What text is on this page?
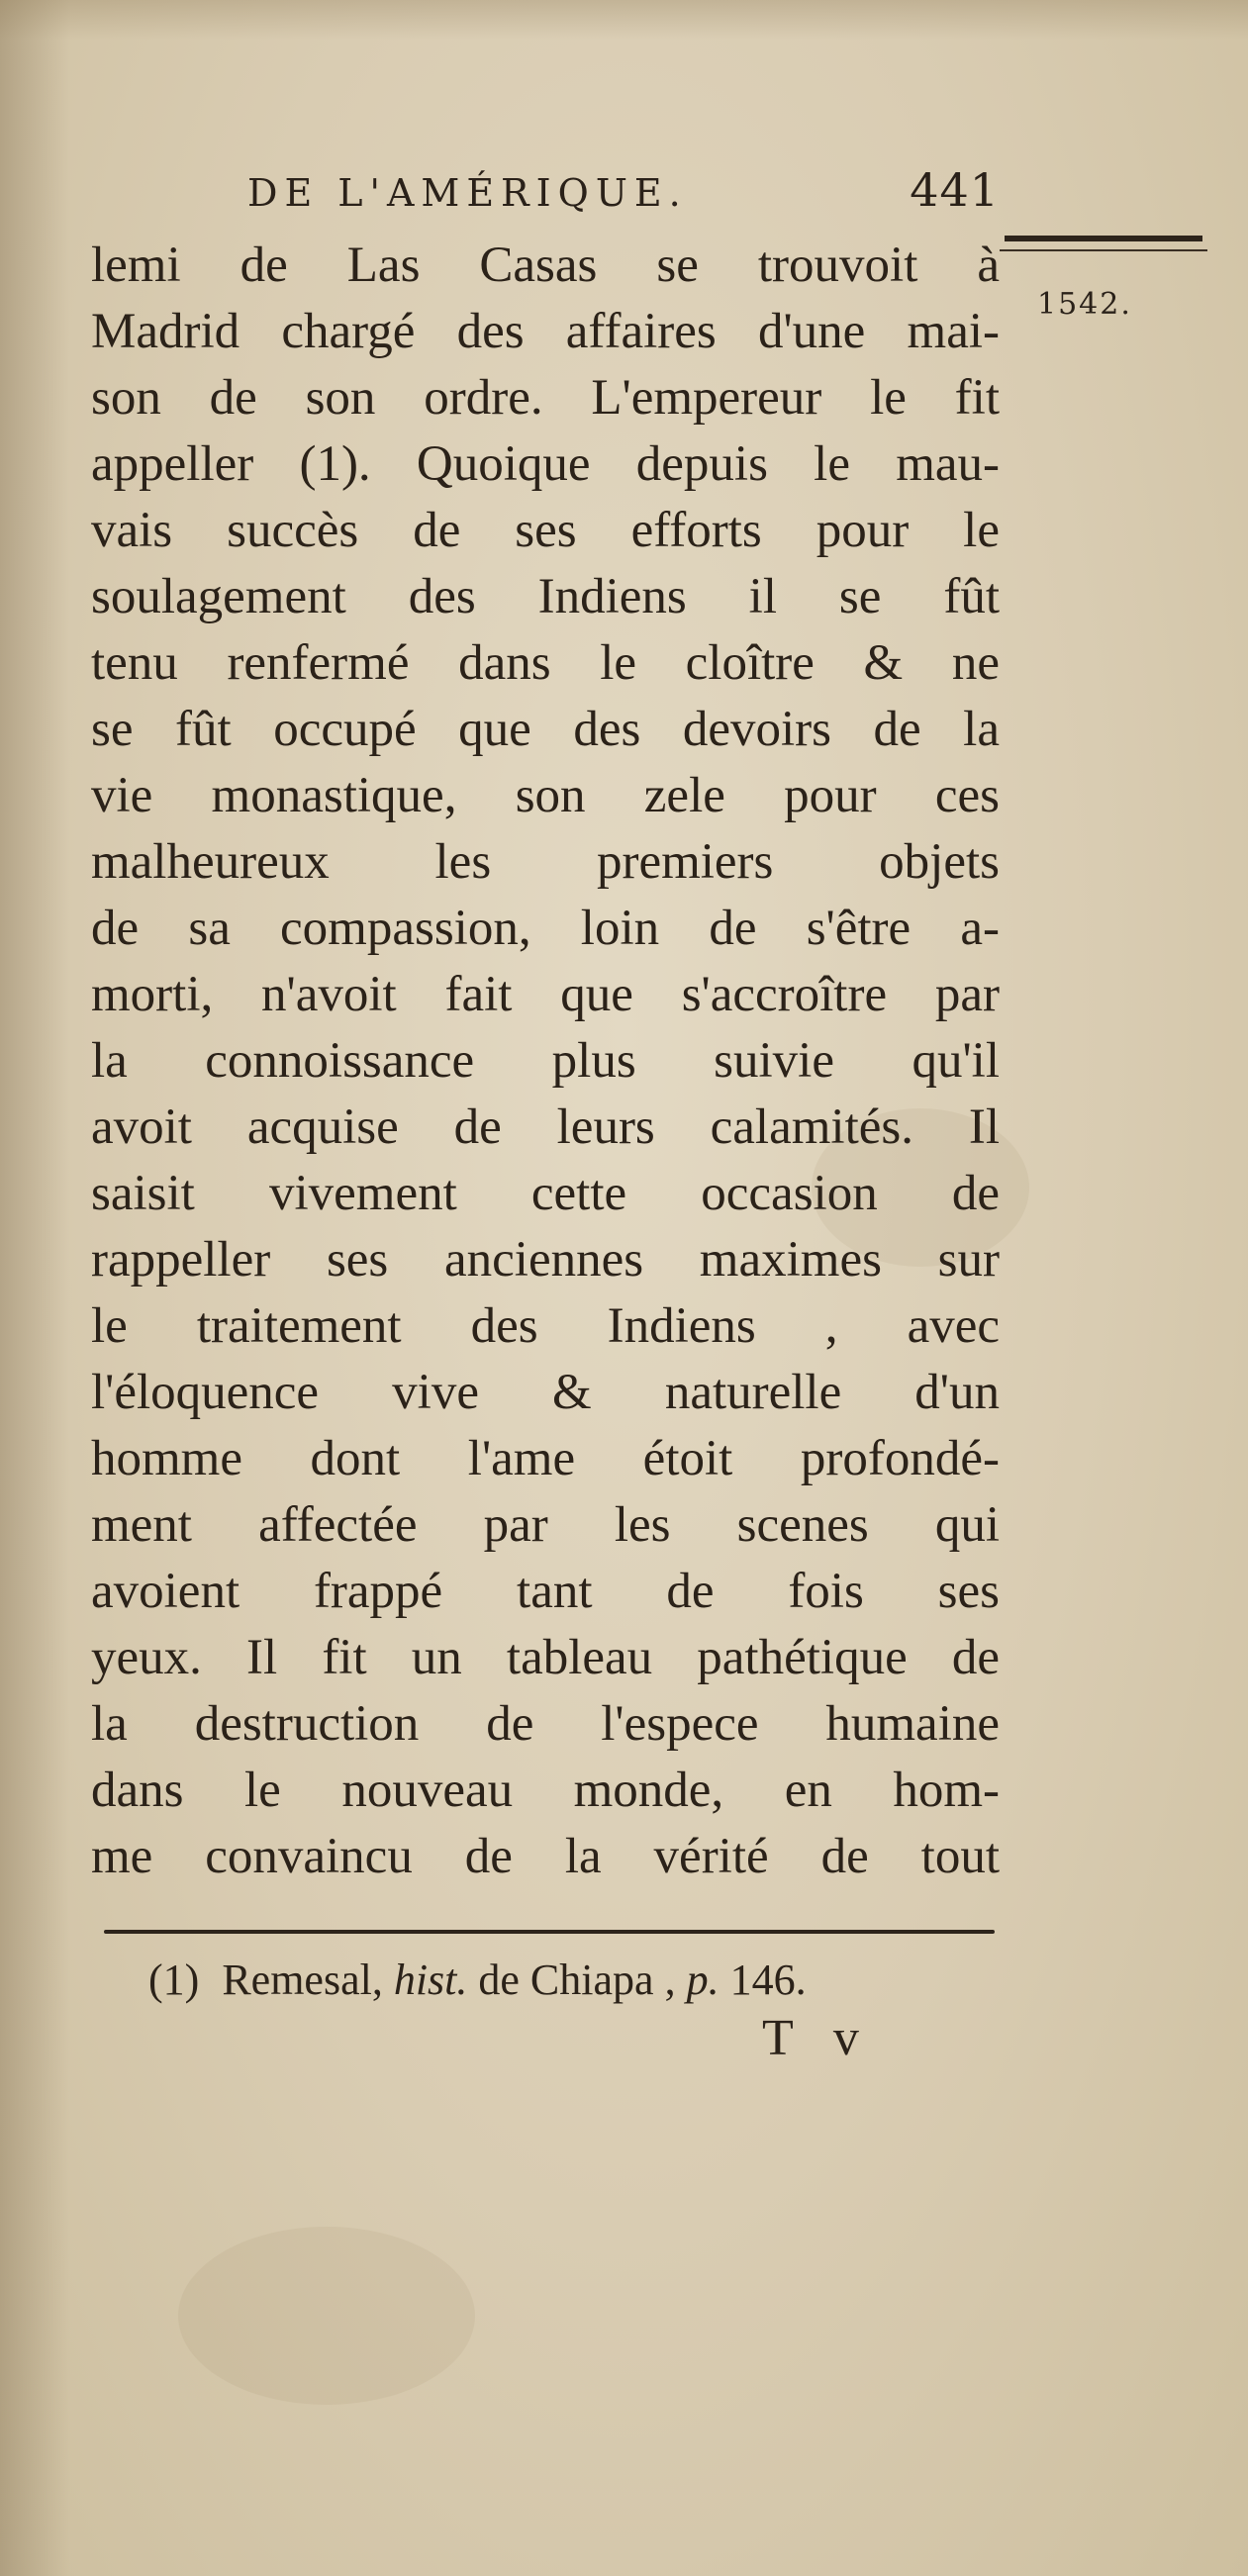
DE L'AMÉRIQUE.	441
1542.
lemi de Las Casas se trouvoit à
Madrid chargé des affaires d'une mai-
son de son ordre. L'empereur le fit
appeller (1). Quoique depuis le mau-
vais succès de ses efforts pour le
soulagement des Indiens il se fût
tenu renfermé dans le cloître & ne
se fût occupé que des devoirs de la
vie monastique, son zele pour ces
malheureux les premiers objets
de sa compassion, loin de s'être a-
morti, n'avoit fait que s'accroître par
la connoissance plus suivie qu'il
avoit acquise de leurs calamités. Il
saisit vivement cette occasion de
rappeller ses anciennes maximes sur
le traitement des Indiens , avec
l'éloquence vive & naturelle d'un
homme dont l'ame étoit profondé-
ment affectée par les scenes qui
avoient frappé tant de fois ses
yeux. Il fit un tableau pathétique de
la destruction de l'espece humaine
dans le nouveau monde, en hom-
me convaincu de la vérité de tout
(1) Remesal, hist. de Chiapa , p. 146.
T v
